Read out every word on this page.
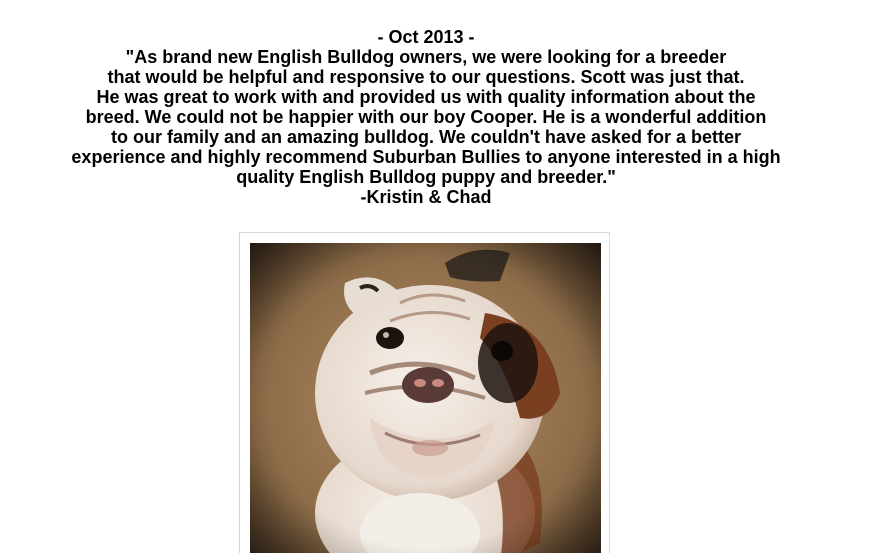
- Oct 2013 -
"As brand new English Bulldog owners, we were looking for a breeder
that would be helpful and responsive to our questions. Scott was just that.
He was great to work with and provided us with quality information about the
breed. We could not be happier with our boy Cooper. He is a wonderful addition
to our family and an amazing bulldog. We couldn't have asked for a better
experience and highly recommend Suburban Bullies to anyone interested in a high
quality English Bulldog puppy and breeder."
-Kristin & Chad
